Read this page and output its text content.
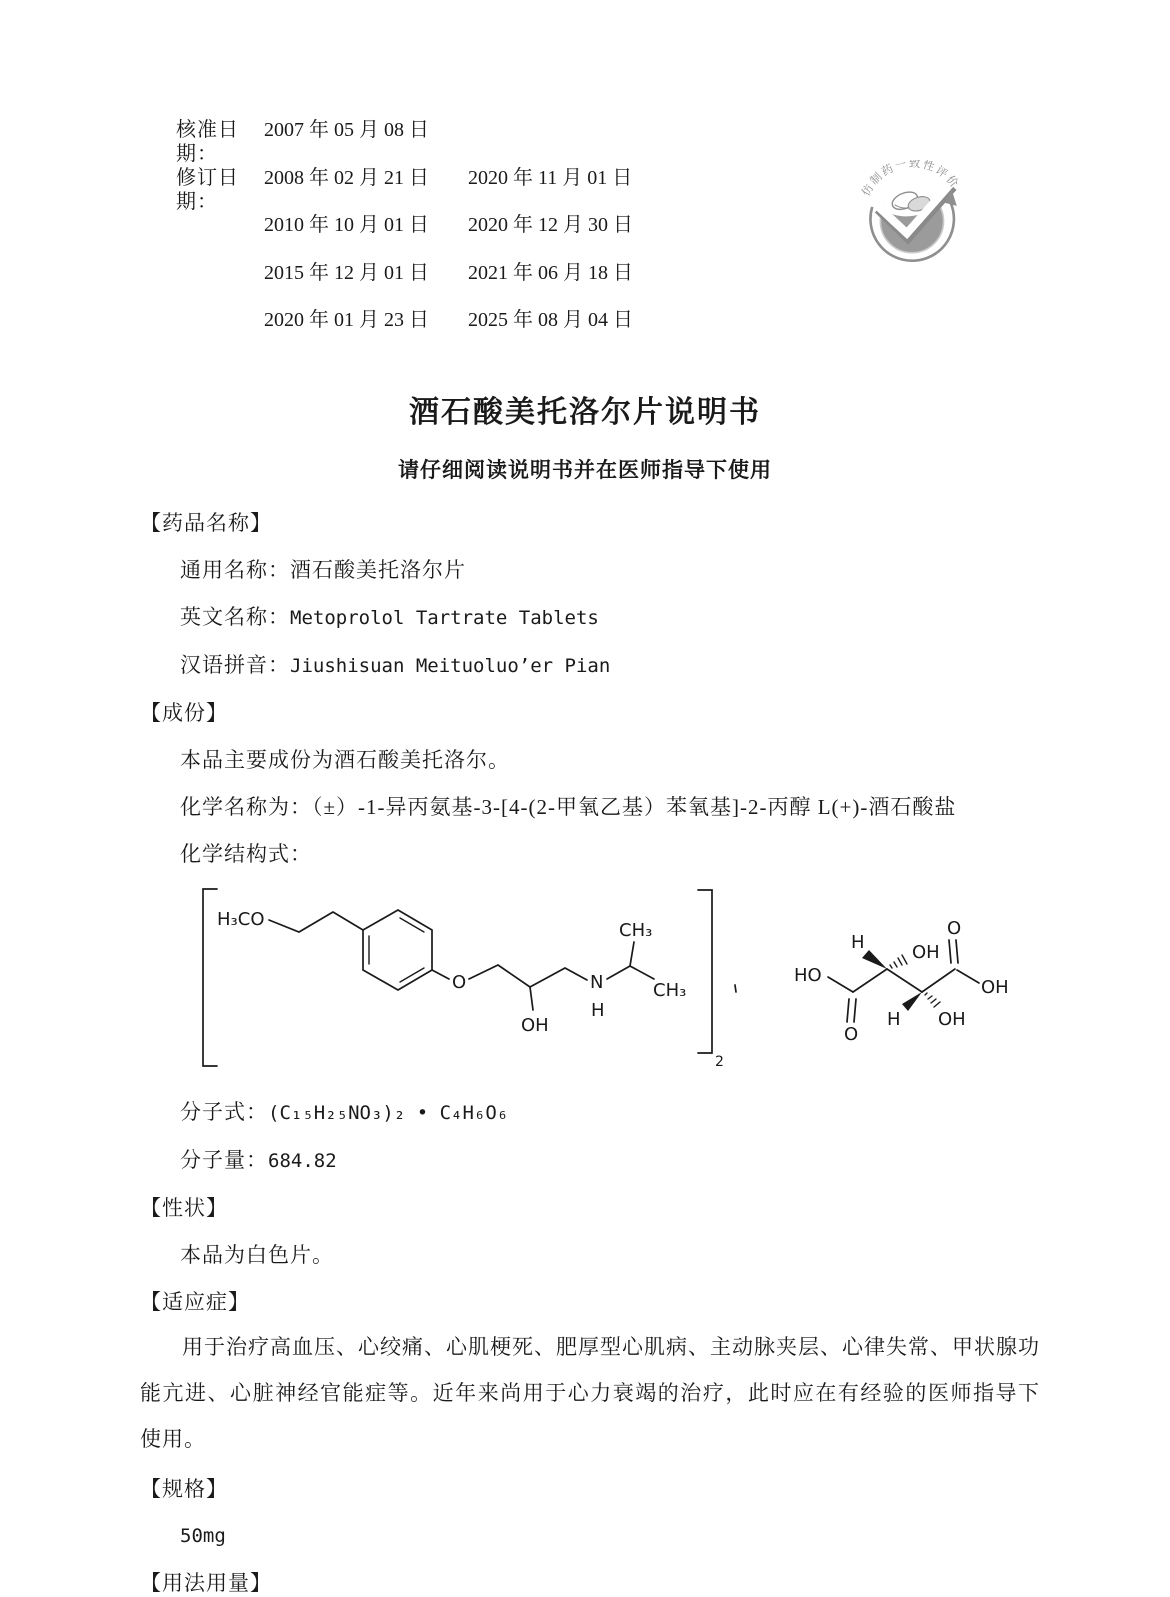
核准日期：
2007 年 05 月 08 日
修订日期：
2008 年 02 月 21 日	2020 年 11 月 01 日
2010 年 10 月 01 日	2020 年 12 月 30 日
2015 年 12 月 01 日	2021 年 06 月 18 日
2020 年 01 月 23 日	2025 年 08 月 04 日
仿制药一致性评价
酒石酸美托洛尔片说明书
请仔细阅读说明书并在医师指导下使用
【药品名称】
通用名称：酒石酸美托洛尔片
英文名称：Metoprolol Tartrate Tablets
汉语拼音：Jiushisuan Meituoluo’er Pian
【成份】
本品主要成份为酒石酸美托洛尔。
化学名称为：（±）-1-异丙氨基-3-[4-(2-甲氧乙基）苯氧基]-2-丙醇 L(+)-酒石酸盐
化学结构式：
H₃CO
O
OH
N
H
CH₃
CH₃
2
HO
O
H	OH
H OH
O
OH
分子式：(C₁₅H₂₅NO₃)₂ • C₄H₆O₆
分子量：684.82
【性状】
本品为白色片。
【适应症】
用于治疗高血压、心绞痛、心肌梗死、肥厚型心肌病、主动脉夹层、心律失常、甲状腺功能亢进、心脏神经官能症等。近年来尚用于心力衰竭的治疗，此时应在有经验的医师指导下使用。
【规格】
50mg
【用法用量】
